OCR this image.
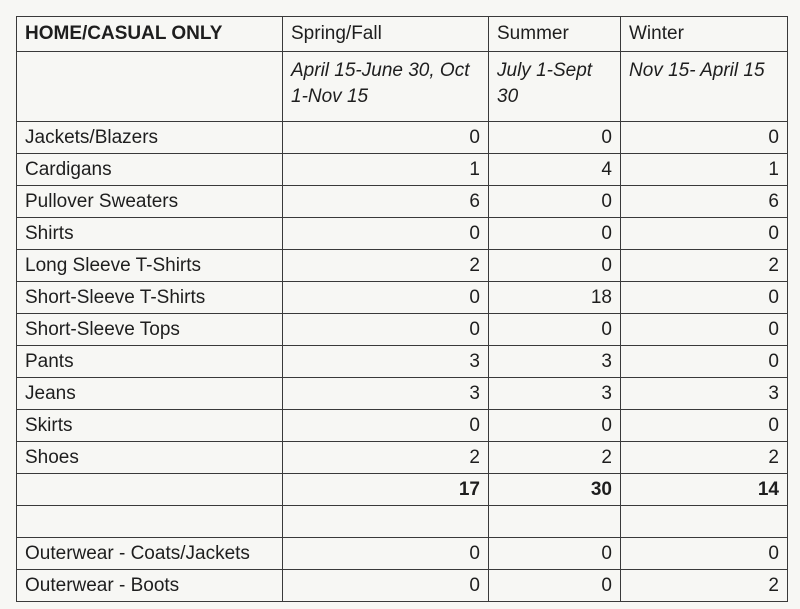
HOME/CASUAL ONLY	Spring/Fall	Summer	Winter
	April 15-June 30, Oct 1-Nov 15	July 1-Sept 30	Nov 15- April 15
Jackets/Blazers	0	0	0
Cardigans	1	4	1
Pullover Sweaters	6	0	6
Shirts	0	0	0
Long Sleeve T-Shirts	2	0	2
Short-Sleeve T-Shirts	0	18	0
Short-Sleeve Tops	0	0	0
Pants	3	3	0
Jeans	3	3	3
Skirts	0	0	0
Shoes	2	2	2
	17	30	14

Outerwear - Coats/Jackets	0	0	0
Outerwear - Boots	0	0	2
